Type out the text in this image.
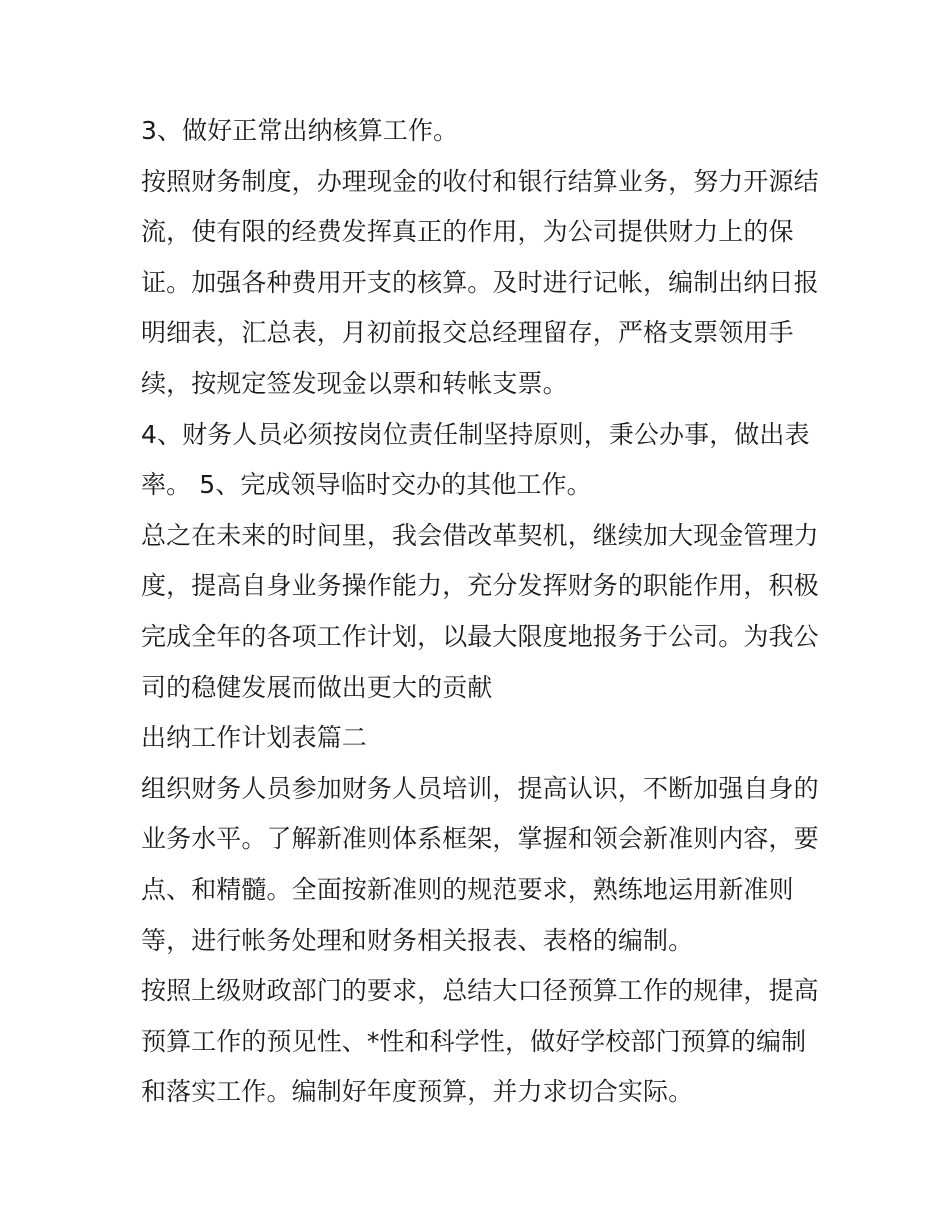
3、做好正常出纳核算工作。
按照财务制度，办理现金的收付和银行结算业务，努力开源结
流，使有限的经费发挥真正的作用，为公司提供财力上的保
证。加强各种费用开支的核算。及时进行记帐，编制出纳日报
明细表，汇总表，月初前报交总经理留存，严格支票领用手
续，按规定签发现金以票和转帐支票。
4、财务人员必须按岗位责任制坚持原则，秉公办事，做出表
率。 5、完成领导临时交办的其他工作。
总之在未来的时间里，我会借改革契机，继续加大现金管理力
度，提高自身业务操作能力，充分发挥财务的职能作用，积极
完成全年的各项工作计划，以最大限度地报务于公司。为我公
司的稳健发展而做出更大的贡献
出纳工作计划表篇二
组织财务人员参加财务人员培训，提高认识，不断加强自身的
业务水平。了解新准则体系框架，掌握和领会新准则内容，要
点、和精髓。全面按新准则的规范要求，熟练地运用新准则
等，进行帐务处理和财务相关报表、表格的编制。
按照上级财政部门的要求，总结大口径预算工作的规律，提高
预算工作的预见性、*性和科学性，做好学校部门预算的编制
和落实工作。编制好年度预算，并力求切合实际。
